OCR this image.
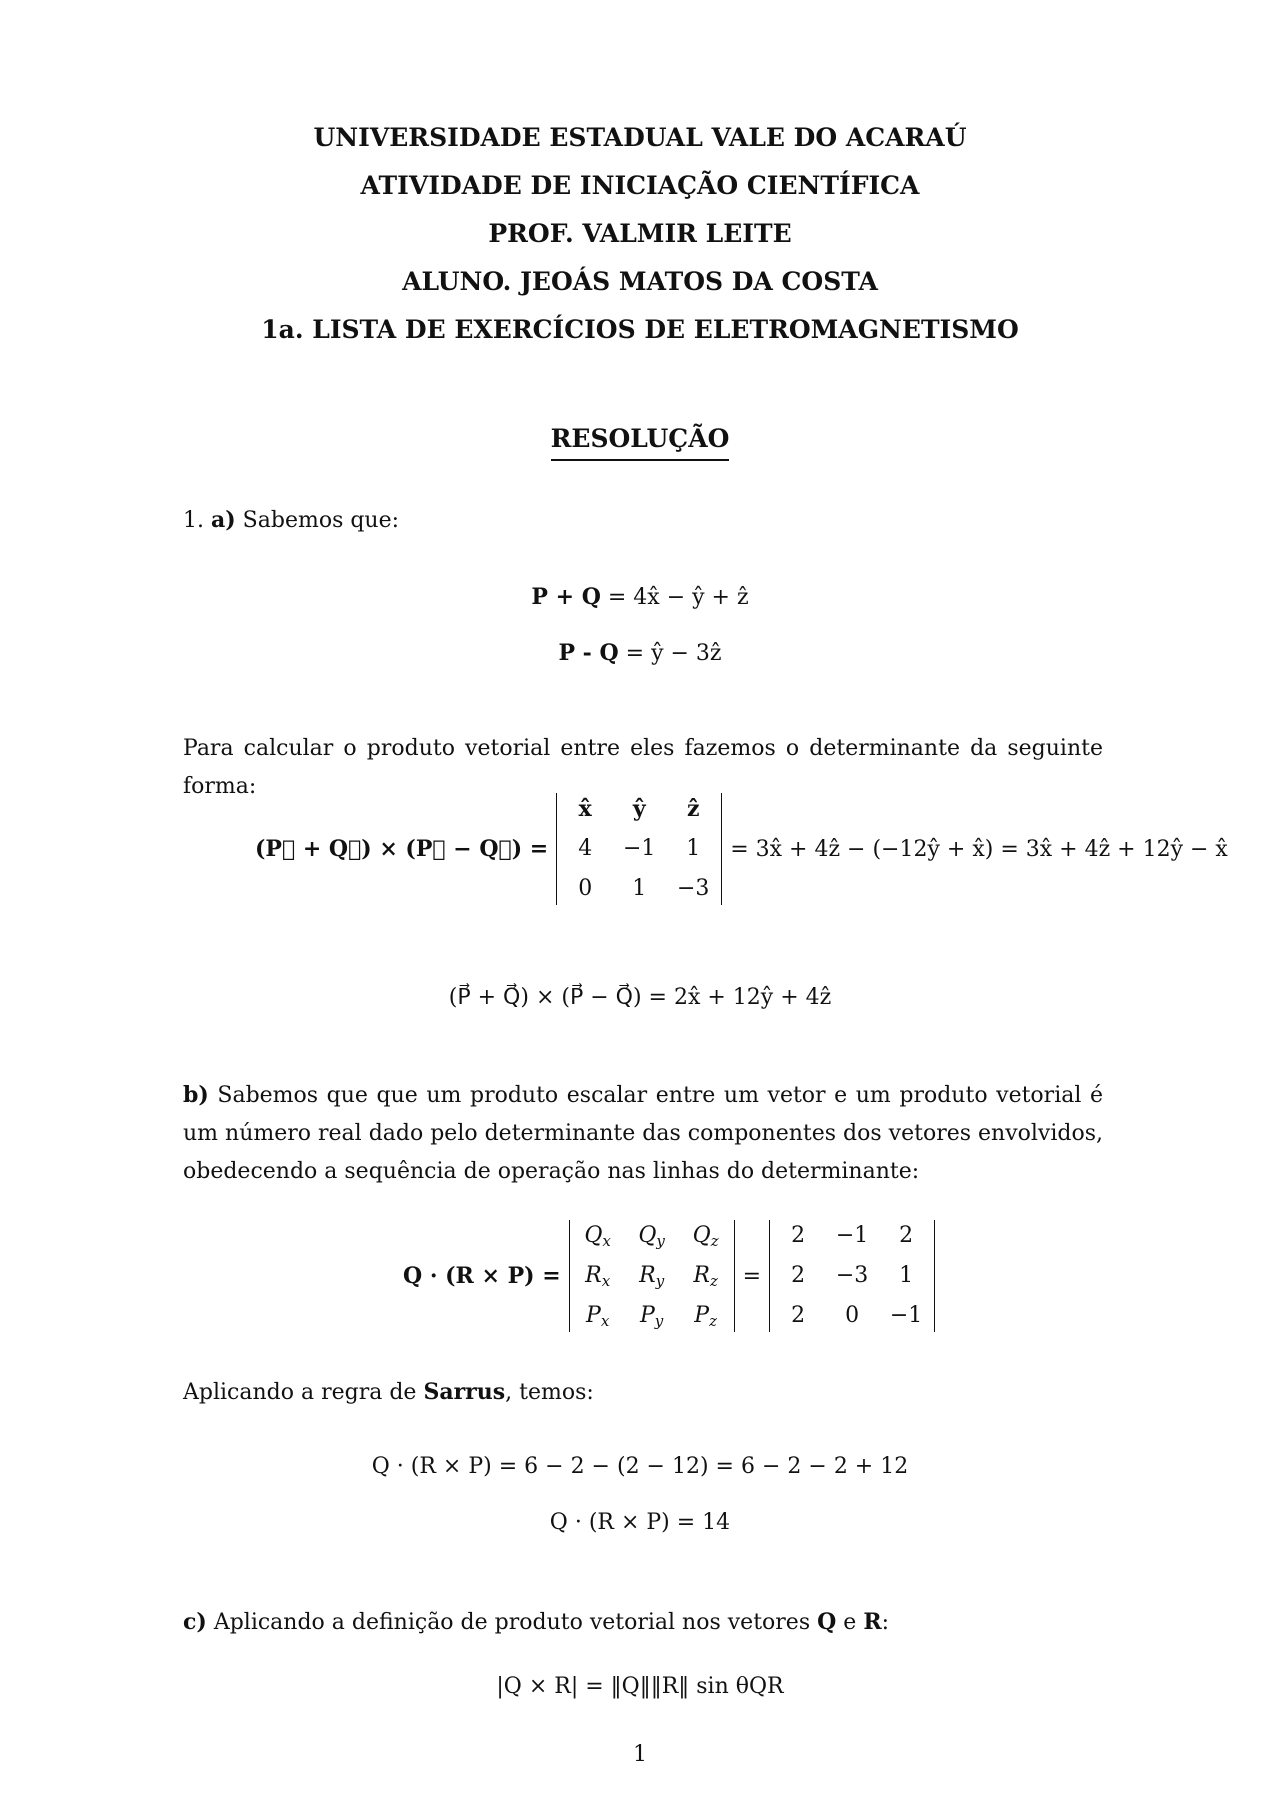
UNIVERSIDADE ESTADUAL VALE DO ACARAÚ
ATIVIDADE DE INICIAÇÃO CIENTÍFICA
PROF. VALMIR LEITE
ALUNO. JEOÁS MATOS DA COSTA
1a. LISTA DE EXERCÍCIOS DE ELETROMAGNETISMO
RESOLUÇÃO
1. a) Sabemos que:
P + Q = 4x̂ − ŷ + ẑ
P - Q = ŷ − 3ẑ
Para calcular o produto vetorial entre eles fazemos o determinante da seguinte forma:
(P⃗ + Q⃗) × (P⃗ − Q⃗) =
x̂	ŷ	ẑ
4	−1	1
0	1	−3
= 3x̂ + 4ẑ − (−12ŷ + x̂) = 3x̂ + 4ẑ + 12ŷ − x̂
(P⃗ + Q⃗) × (P⃗ − Q⃗) = 2x̂ + 12ŷ + 4ẑ
b) Sabemos que que um produto escalar entre um vetor e um produto vetorial é um número real dado pelo determinante das componentes dos vetores envolvidos, obedecendo a sequência de operação nas linhas do determinante:
Q · (R × P) =
$Q_x$ $Q_y$ $Q_z$
$R_x$ $R_y$ $R_z$
$P_x$ $P_y$	$P_z$
=
2	−1	2
2	−3	1
2	0	−1
Aplicando a regra de Sarrus, temos:
Q · (R × P) = 6 − 2 − (2 − 12) = 6 − 2 − 2 + 12
Q · (R × P) = 14
c) Aplicando a definição de produto vetorial nos vetores Q e R:
|Q × R| = ‖Q‖‖R‖ sin θQR
1
